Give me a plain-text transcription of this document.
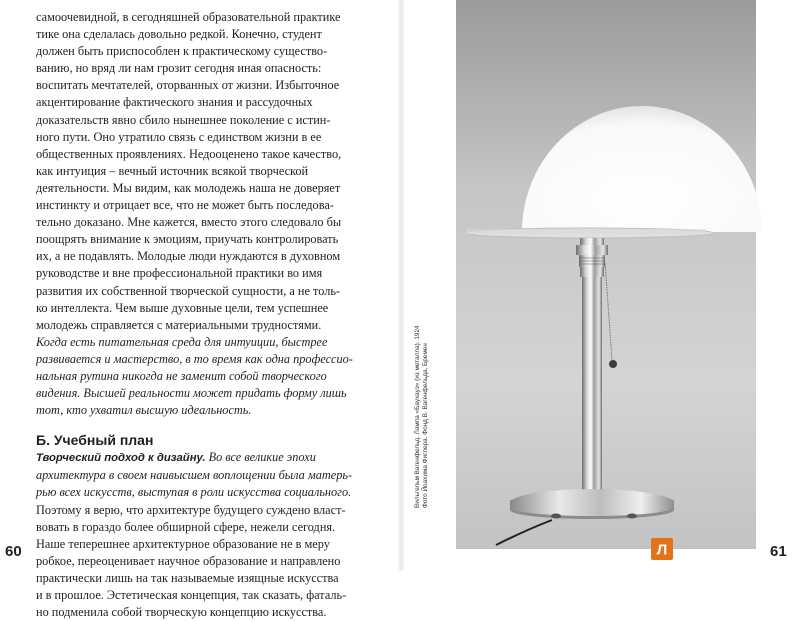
самоочевидной, в сегодняшней образовательной практике
тике она сделалась довольно редкой. Конечно, студент
должен быть приспособлен к практическому существо-
ванию, но вряд ли нам грозит сегодня иная опасность:
воспитать мечтателей, оторванных от жизни. Избыточное
акцентирование фактического знания и рассудочных
доказательств явно сбило нынешнее поколение с истин-
ного пути. Оно утратило связь с единством жизни в ее
общественных проявлениях. Недооценено такое качество,
как интуиция – вечный источник всякой творческой
деятельности. Мы видим, как молодежь наша не доверяет
инстинкту и отрицает все, что не может быть последова-
тельно доказано. Мне кажется, вместо этого следовало бы
поощрять внимание к эмоциям, приучать контролировать
их, а не подавлять. Молодые люди нуждаются в духовном
руководстве и вне профессиональной практики во имя
развития их собственной творческой сущности, а не толь-
ко интеллекта. Чем выше духовные цели, тем успешнее
молодежь справляется с материальными трудностями.
Когда есть питательная среда для интуиции, быстрее
развивается и мастерство, в то время как одна профессио-
нальная рутина никогда не заменит собой творческого
видения. Высшей реальности может придать форму лишь
тот, кто ухватил высшую идеальность.
Б. Учебный план
Творческий подход к дизайну. Во все великие эпохи
архитектура в своем наивысшем воплощении была матерь-
рью всех искусств, выступая в роли искусства социального.
Поэтому я верю, что архитектуре будущего суждено власт-
вовать в гораздо более обширной сфере, нежели сегодня.
Наше теперешнее архитектурное образование не в меру
робкое, переоценивает научное образование и направлено
практически лишь на так называемые изящные искусства
и в прошлое. Эстетическая концепция, так сказать, фаталь-
но подменила собой творческую концепцию искусства.
60	61
Л
Вильгельм Вагенфельд. Лампа «Баухауз» (из металла). 1924 Фото Йоахима Фиглера. Фонд В. Вагенфельда, Бремен
